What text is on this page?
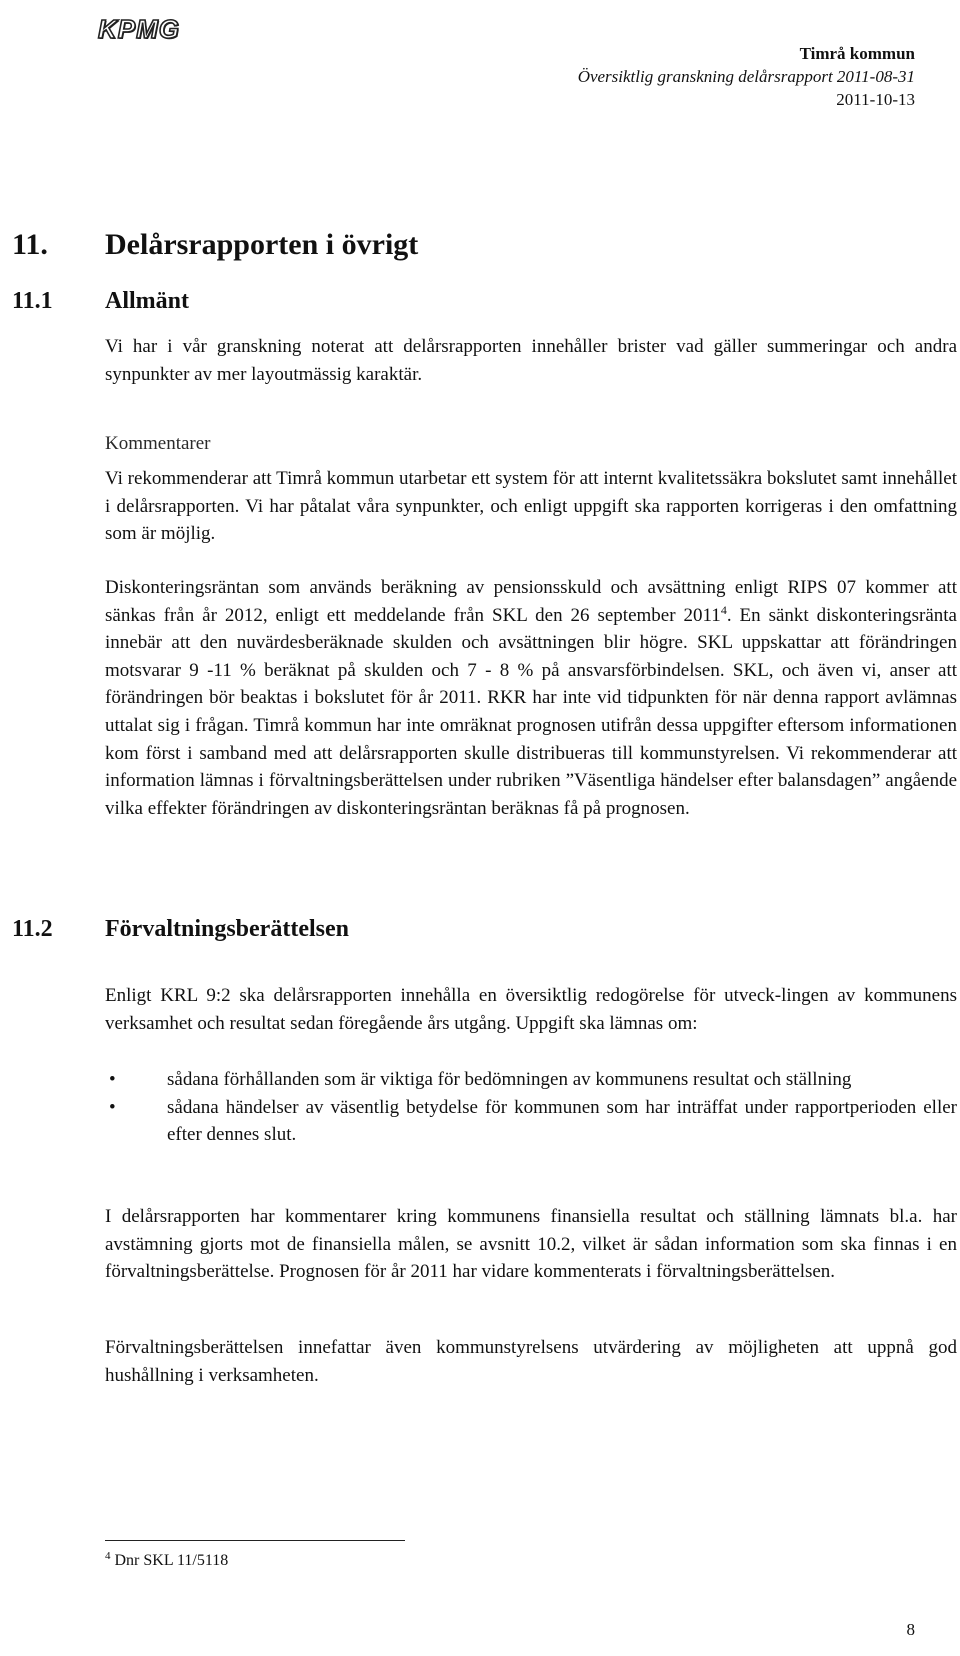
KPMG
Timrå kommun
Översiktlig granskning delårsrapport 2011-08-31
2011-10-13
11. Delårsrapporten i övrigt
11.1 Allmänt

Vi har i vår granskning noterat att delårsrapporten innehåller brister vad gäller summeringar och andra synpunkter av mer layoutmässig karaktär.

Kommentarer

Vi rekommenderar att Timrå kommun utarbetar ett system för att internt kvalitetssäkra bokslutet samt innehållet i delårsrapporten. Vi har påtalat våra synpunkter, och enligt uppgift ska rapporten korrigeras i den omfattning som är möjlig.

Diskonteringsräntan som används beräkning av pensionsskuld och avsättning enligt RIPS 07 kommer att sänkas från år 2012, enligt ett meddelande från SKL den 26 september 2011$^4$. En sänkt diskonteringsränta innebär att den nuvärdesberäknade skulden och avsättningen blir högre. SKL uppskattar att förändringen motsvarar 9 -11 % beräknat på skulden och 7 - 8 % på ansvarsförbindelsen. SKL, och även vi, anser att förändringen bör beaktas i bokslutet för år 2011. RKR har inte vid tidpunkten för när denna rapport avlämnas uttalat sig i frågan. Timrå kommun har inte omräknat prognosen utifrån dessa uppgifter eftersom informationen kom först i samband med att delårsrapporten skulle distribueras till kommunstyrelsen. Vi rekommenderar att information lämnas i förvaltningsberättelsen under rubriken ”Väsentliga händelser efter balansdagen” angående vilka effekter förändringen av diskonteringsräntan beräknas få på prognosen.

11.2 Förvaltningsberättelsen

Enligt KRL 9:2 ska delårsrapporten innehålla en översiktlig redogörelse för utveck-lingen av kommunens verksamhet och resultat sedan föregående års utgång. Uppgift ska lämnas om:

•	sådana förhållanden som är viktiga för bedömningen av kommunens resultat och ställning
•	sådana händelser av väsentlig betydelse för kommunen som har inträffat under rapportperioden eller efter dennes slut.

I delårsrapporten har kommentarer kring kommunens finansiella resultat och ställning lämnats bl.a. har avstämning gjorts mot de finansiella målen, se avsnitt 10.2, vilket är sådan information som ska finnas i en förvaltningsberättelse. Prognosen för år 2011 har vidare kommenterats i förvaltningsberättelsen.

Förvaltningsberättelsen innefattar även kommunstyrelsens utvärdering av möjligheten att uppnå god hushållning i verksamheten.

$^4$ Dnr SKL 11/5118
8
